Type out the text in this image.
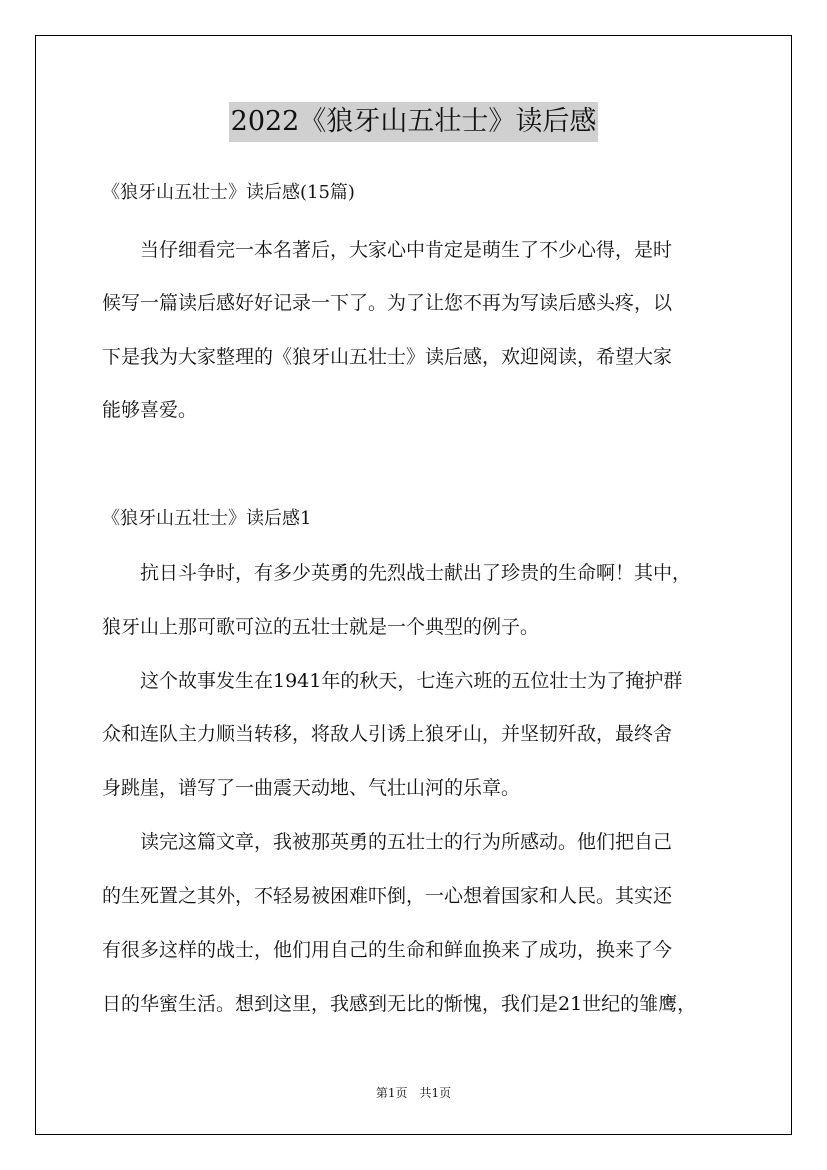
2022《狼牙山五壮士》读后感
《狼牙山五壮士》读后感(15篇)
　　当仔细看完一本名著后，大家心中肯定是萌生了不少心得，是时
候写一篇读后感好好记录一下了。为了让您不再为写读后感头疼，以
下是我为大家整理的《狼牙山五壮士》读后感，欢迎阅读，希望大家
能够喜爱。
《狼牙山五壮士》读后感1
　　抗日斗争时，有多少英勇的先烈战士献出了珍贵的生命啊！其中，
狼牙山上那可歌可泣的五壮士就是一个典型的例子。
　　这个故事发生在1941年的秋天，七连六班的五位壮士为了掩护群
众和连队主力顺当转移，将敌人引诱上狼牙山，并坚韧歼敌，最终舍
身跳崖，谱写了一曲震天动地、气壮山河的乐章。
　　读完这篇文章，我被那英勇的五壮士的行为所感动。他们把自己
的生死置之其外，不轻易被困难吓倒，一心想着国家和人民。其实还
有很多这样的战士，他们用自己的生命和鲜血换来了成功，换来了今
日的华蜜生活。想到这里，我感到无比的惭愧，我们是21世纪的雏鹰，
第1页　共1页
